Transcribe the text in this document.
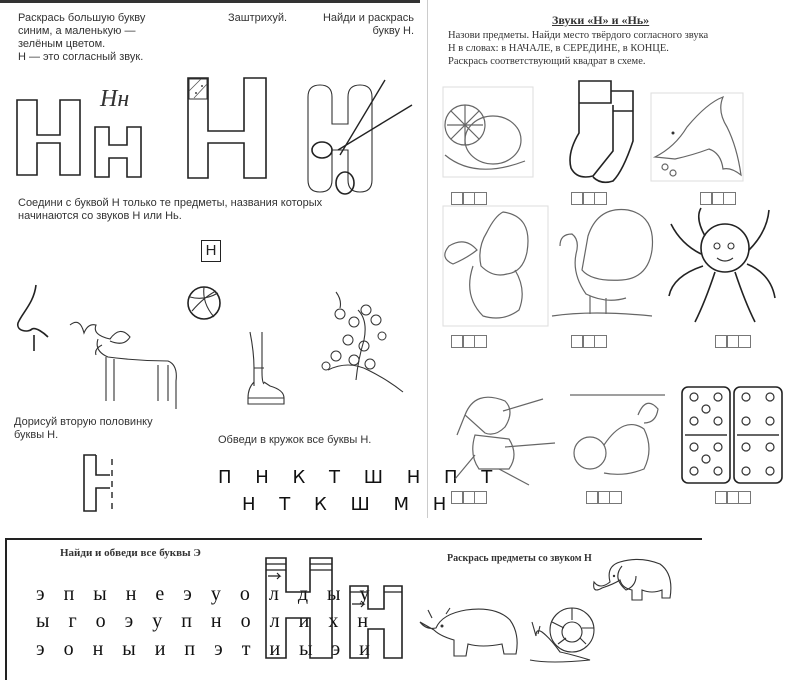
Раскрась большую букву
синим, а маленькую —
зелёным цветом.
Н — это согласный звук.
Заштрихуй.	Найди и раскрась
букву Н.
Нн
Соедини с буквой Н только те предметы, названия которых
начинаются со звуков Н или Нь.
Н
Дорисуй вторую половинку
буквы Н.	Обведи в кружок все буквы Н.
П Н К Т Ш Н П Т
Н Т К Ш М Н
Звуки «Н» и «Нь»
Назови предметы. Найди место твёрдого согласного звука
Н в словах: в НАЧАЛЕ, в СЕРЕДИНЕ, в КОНЦЕ.
Раскрась соответствующий квадрат в схеме.
Найди и обведи все буквы Э
э п ы н е э у о л д ы у
ы г о э у п н о л и х н
э о н ы и п э т и ы э и
Раскрась предметы со звуком Н
